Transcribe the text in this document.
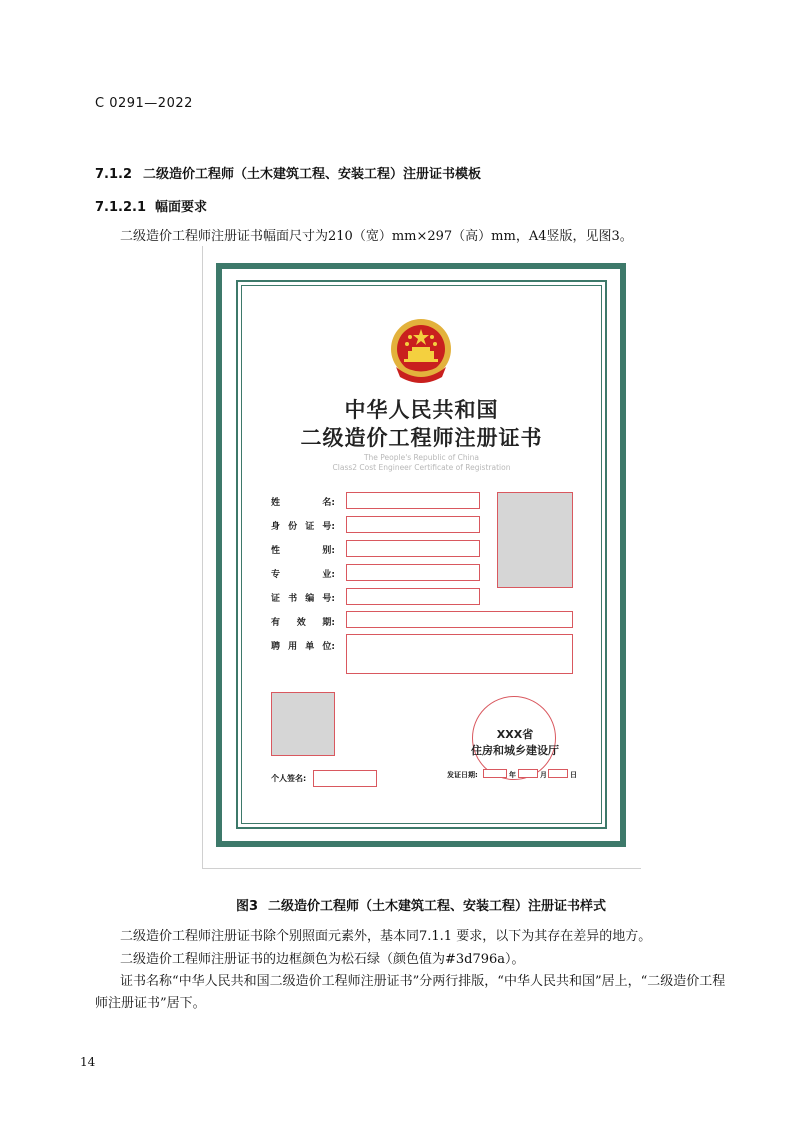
C 0291—2022
7.1.2 二级造价工程师（土木建筑工程、安装工程）注册证书模板
7.1.2.1 幅面要求
二级造价工程师注册证书幅面尺寸为210（宽）mm×297（高）mm，A4竖版，见图3。
中华人民共和国
二级造价工程师注册证书
The People's Republic of China
Class2 Cost Engineer Certificate of Registration
姓	名:
身 份 证 号:
性	别:
专	业:
证 书 编 号:
有 效 期:
聘 用 单 位:
个人签名:
XXX省
住房和城乡建设厅
发证日期:	年	月	日
图3 二级造价工程师（土木建筑工程、安装工程）注册证书样式
二级造价工程师注册证书除个别照面元素外，基本同7.1.1 要求，以下为其存在差异的地方。
二级造价工程师注册证书的边框颜色为松石绿（颜色值为#3d796a）。
证书名称“中华人民共和国二级造价工程师注册证书”分两行排版，“中华人民共和国”居上，“二级造价工程师注册证书”居下。
14
